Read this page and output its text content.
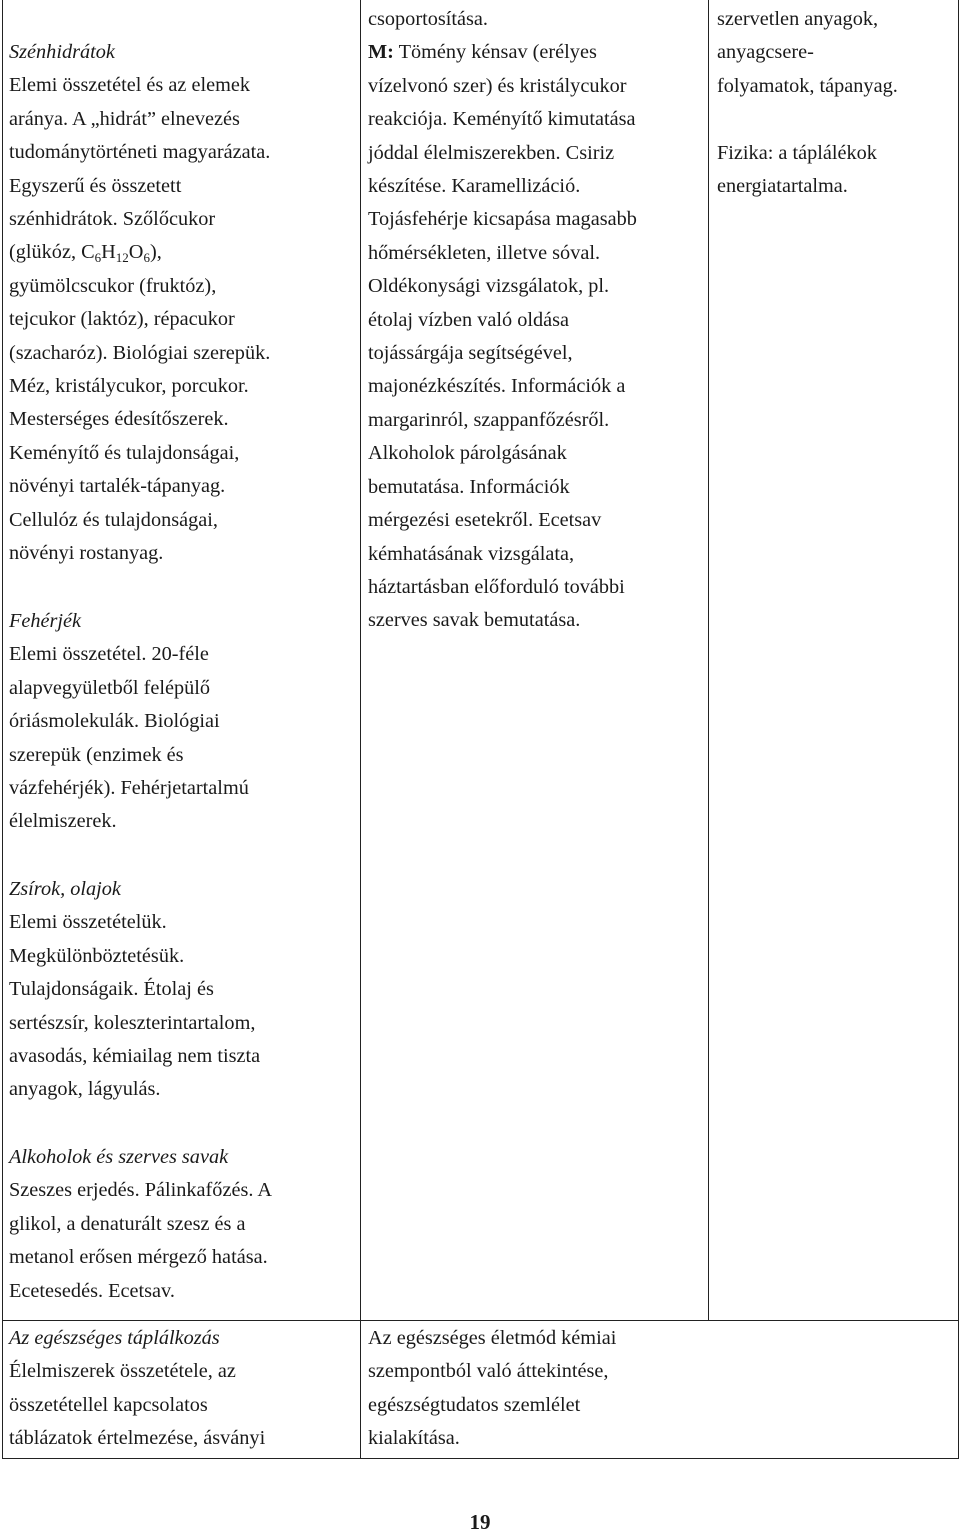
Szénhidrátok
Elemi összetétel és az elemek
aránya. A „hidrát” elnevezés
tudománytörténeti magyarázata.
Egyszerű és összetett
szénhidrátok. Szőlőcukor
(glükóz, $C_6H_{12}O_6$),
gyümölcscukor (fruktóz),
tejcukor (laktóz), répacukor
(szacharóz). Biológiai szerepük.
Méz, kristálycukor, porcukor.
Mesterséges édesítőszerek.
Keményítő és tulajdonságai,
növényi tartalék-tápanyag.
Cellulóz és tulajdonságai,
növényi rostanyag.
Fehérjék
Elemi összetétel. 20-féle
alapvegyületből felépülő
óriásmolekulák. Biológiai
szerepük (enzimek és
vázfehérjék). Fehérjetartalmú
élelmiszerek.
Zsírok, olajok
Elemi összetételük.
Megkülönböztetésük.
Tulajdonságaik. Étolaj és
sertészsír, koleszterintartalom,
avasodás, kémiailag nem tiszta
anyagok, lágyulás.
Alkoholok és szerves savak
Szeszes erjedés. Pálinkafőzés. A
glikol, a denaturált szesz és a
metanol erősen mérgező hatása.
Ecetesedés. Ecetsav.
Az egészséges táplálkozás
Élelmiszerek összetétele, az
összetétellel kapcsolatos
táblázatok értelmezése, ásványi
csoportosítása.
M: Tömény kénsav (erélyes
vízelvonó szer) és kristálycukor
reakciója. Keményítő kimutatása
jóddal élelmiszerekben. Csiriz
készítése. Karamellizáció.
Tojásfehérje kicsapása magasabb
hőmérsékleten, illetve sóval.
Oldékonysági vizsgálatok, pl.
étolaj vízben való oldása
tojássárgája segítségével,
majonézkészítés. Információk a
margarinról, szappanfőzésről.
Alkoholok párolgásának
bemutatása. Információk
mérgezési esetekről. Ecetsav
kémhatásának vizsgálata,
háztartásban előforduló további
szerves savak bemutatása.
Az egészséges életmód kémiai
szempontból való áttekintése,
egészségtudatos szemlélet
kialakítása.
szervetlen anyagok,
anyagcsere-
folyamatok, tápanyag.
Fizika: a táplálékok
energiatartalma.
19
